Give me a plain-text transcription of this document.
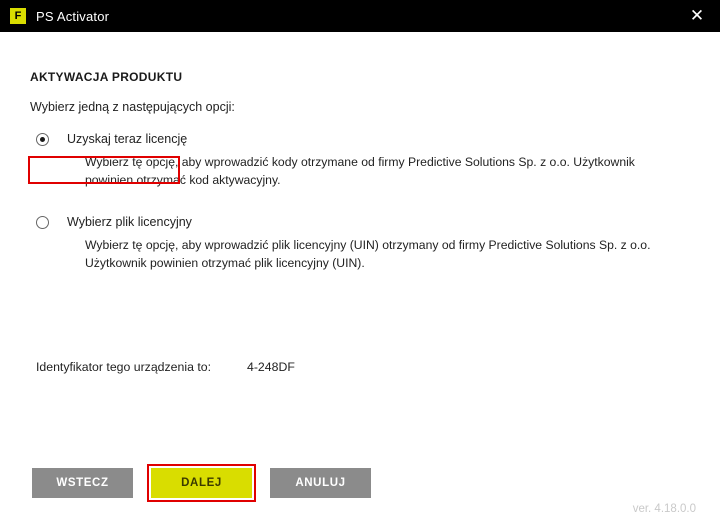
F	PS Activator	✕
AKTYWACJA PRODUKTU
Wybierz jedną z następujących opcji:
Uzyskaj teraz licencję
Wybierz tę opcję, aby wprowadzić kody otrzymane od firmy Predictive Solutions Sp. z o.o. Użytkownik powinien otrzymać kod aktywacyjny.
Wybierz plik licencyjny
Wybierz tę opcję, aby wprowadzić plik licencyjny (UIN) otrzymany od firmy Predictive Solutions Sp. z o.o. Użytkownik powinien otrzymać plik licencyjny (UIN).
Identyfikator tego urządzenia to:	4-248DF
WSTECZ	DALEJ	ANULUJ
ver. 4.18.0.0
